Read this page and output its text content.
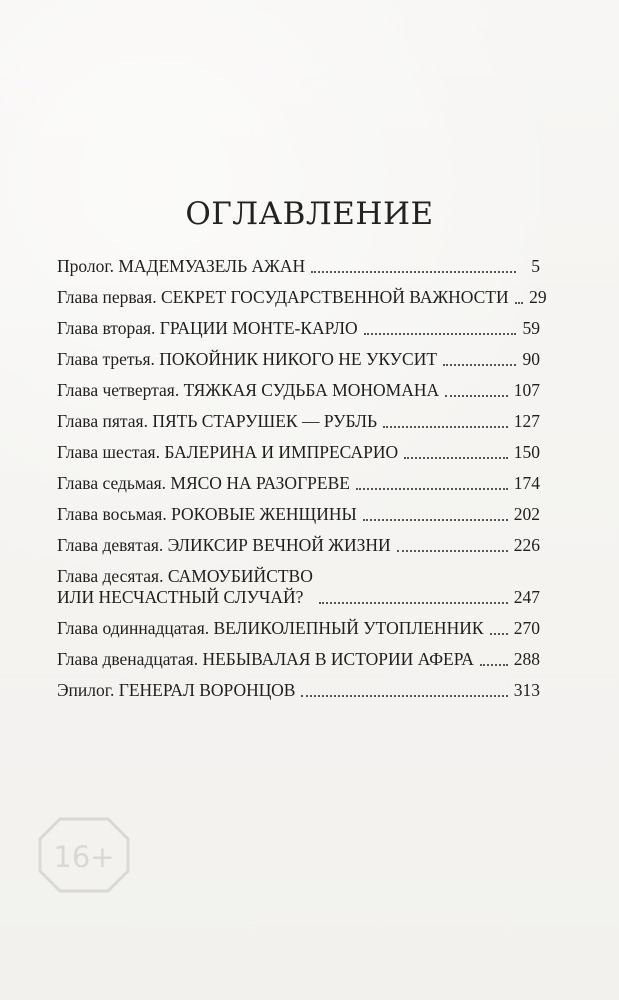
ОГЛАВЛЕНИЕ
Пролог. МАДЕМУАЗЕЛЬ АЖАН	5
Глава первая. СЕКРЕТ ГОСУДАРСТВЕННОЙ ВАЖНОСТИ 29
Глава вторая. ГРАЦИИ МОНТЕ-КАРЛО	59
Глава третья. ПОКОЙНИК НИКОГО НЕ УКУСИТ	90
Глава четвертая. ТЯЖКАЯ СУДЬБА МОНОМАНА	107
Глава пятая. ПЯТЬ СТАРУШЕК — РУБЛЬ	127
Глава шестая. БАЛЕРИНА И ИМПРЕСАРИО	150
Глава седьмая. МЯСО НА РАЗОГРЕВЕ	174
Глава восьмая. РОКОВЫЕ ЖЕНЩИНЫ	202
Глава девятая. ЭЛИКСИР ВЕЧНОЙ ЖИЗНИ	226
Глава десятая. САМОУБИЙСТВО
ИЛИ НЕСЧАСТНЫЙ СЛУЧАЙ?	247
Глава одиннадцатая. ВЕЛИКОЛЕПНЫЙ УТОПЛЕННИК 270
Глава двенадцатая. НЕБЫВАЛАЯ В ИСТОРИИ АФЕРА 288
Эпилог. ГЕНЕРАЛ ВОРОНЦОВ	313
16+
